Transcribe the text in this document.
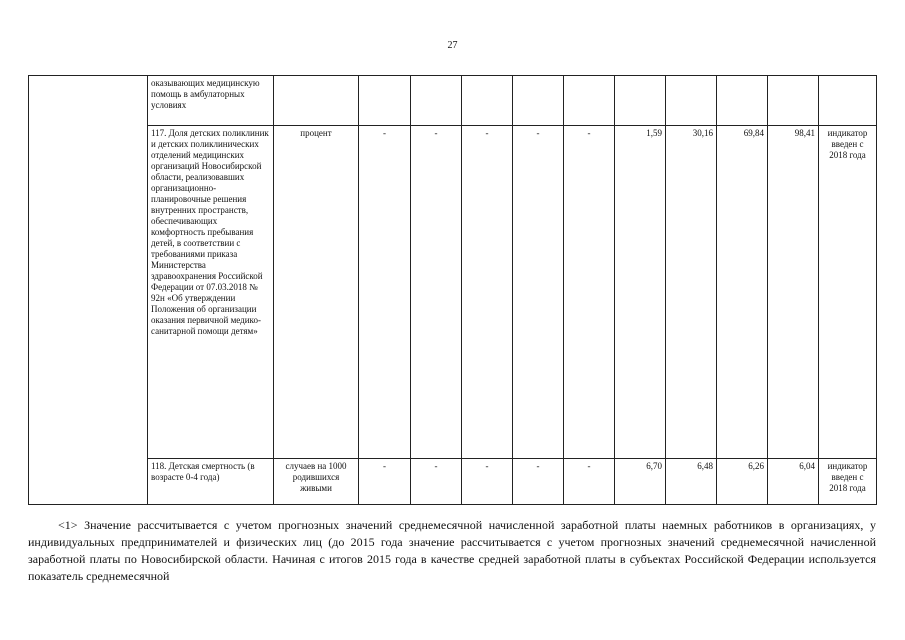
27
	оказывающих медицинскую помощь в амбулаторных условиях											
	117. Доля детских поликлиник и детских поликлинических отделений медицинских организаций Новосибирской области, реализовавших организационно-планировочные решения внутренних пространств, обеспечивающих комфортность пребывания детей, в соответствии с требованиями приказа Министерства здравоохранения Российской Федерации от 07.03.2018 № 92н «Об утверждении Положения об организации оказания первичной медико-санитарной помощи детям»	процент	-	-	-	-	-	1,59	30,16	69,84	98,41	индикатор введен с 2018 года
	118. Детская смертность (в возрасте 0-4 года)	случаев на 1000 родившихся живыми	-	-	-	-	-	6,70	6,48	6,26	6,04	индикатор введен с 2018 года

<1> Значение рассчитывается с учетом прогнозных значений среднемесячной начисленной заработной платы наемных работников в организациях, у индивидуальных предпринимателей и физических лиц (до 2015 года значение рассчитывается с учетом прогнозных значений среднемесячной начисленной заработной платы по Новосибирской области. Начиная с итогов 2015 года в качестве средней заработной платы в субъектах Российской Федерации используется показатель среднемесячной
